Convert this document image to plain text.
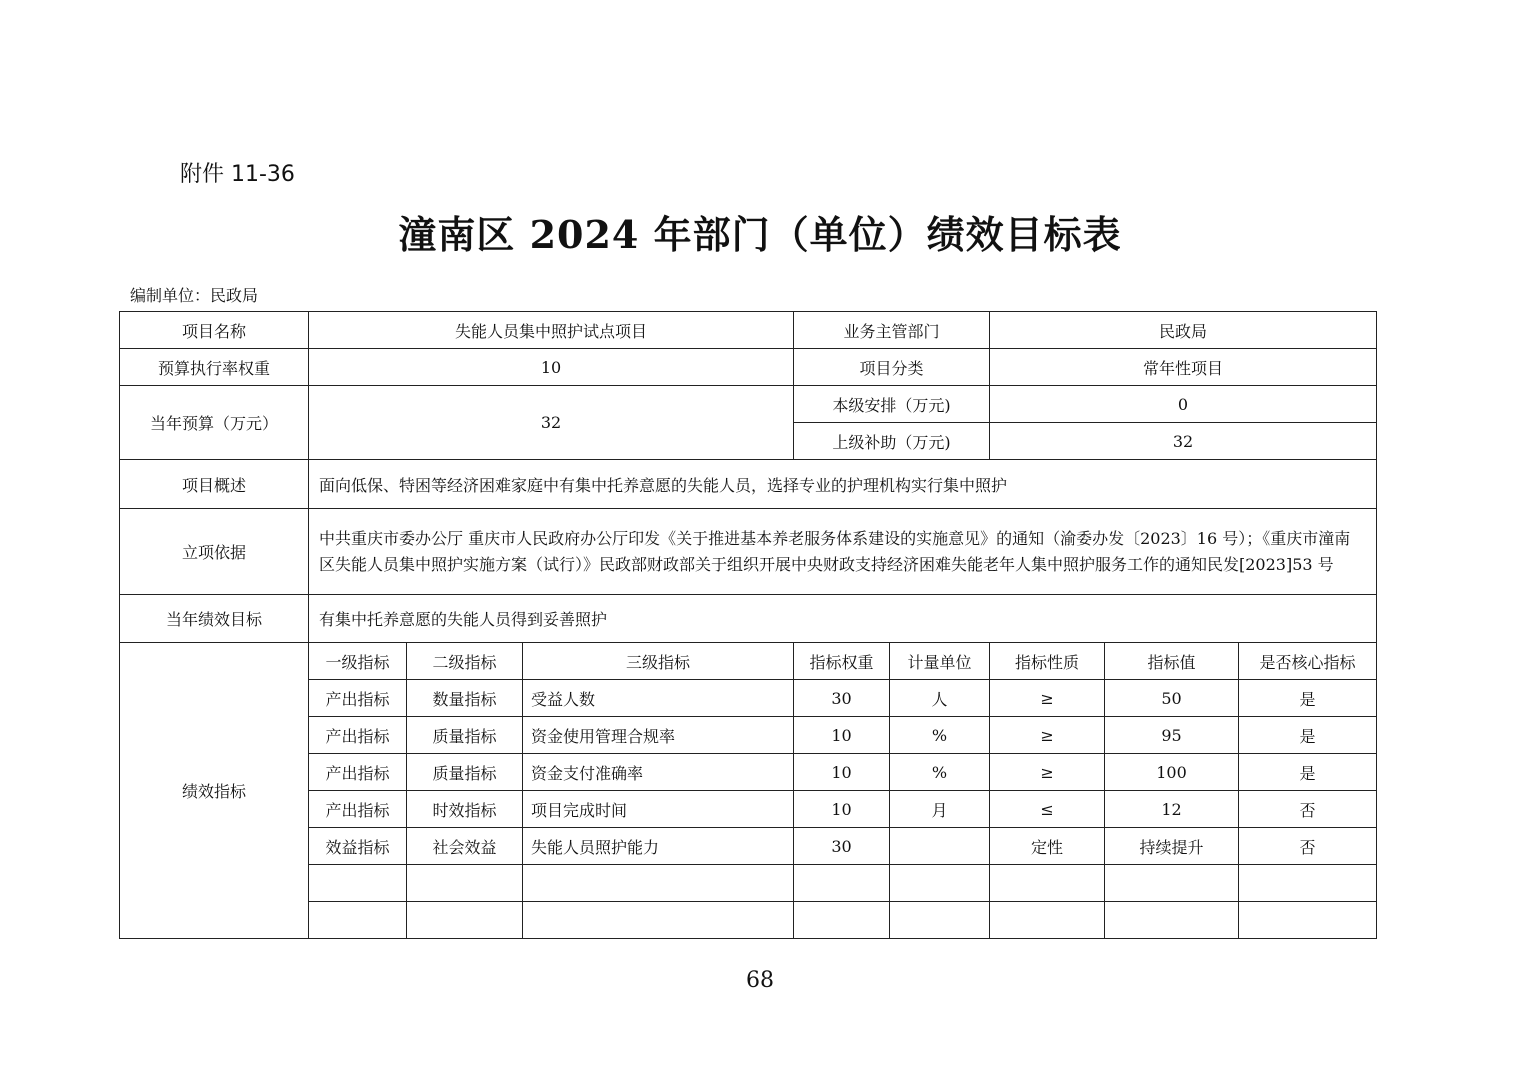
附件 11-36
潼南区 2024 年部门（单位）绩效目标表
编制单位：民政局
项目名称	失能人员集中照护试点项目			业务主管部门		民政局		
预算执行率权重	10			项目分类		常年性项目		
当年预算（万元）	32			本级安排（万元)		0		
				上级补助（万元)		32		
项目概述	面向低保、特困等经济困难家庭中有集中托养意愿的失能人员，选择专业的护理机构实行集中照护							
立项依据	中共重庆市委办公厅 重庆市人民政府办公厅印发《关于推进基本养老服务体系建设的实施意见》的通知（渝委办发〔2023〕16 号）；《重庆市潼南区失能人员集中照护实施方案（试行）》民政部财政部关于组织开展中央财政支持经济困难失能老年人集中照护服务工作的通知民发[2023]53 号							
当年绩效目标	有集中托养意愿的失能人员得到妥善照护							
绩效指标	一级指标	二级指标	三级指标	指标权重	计量单位	指标性质	指标值	是否核心指标
	产出指标	数量指标	受益人数	30	人	≥	50	是
	产出指标	质量指标	资金使用管理合规率	10	%	≥	95	是
	产出指标	质量指标	资金支付准确率	10	%	≥	100	是
	产出指标	时效指标	项目完成时间	10	月	≤	12	否
	效益指标	社会效益	失能人员照护能力	30		定性	持续提升	否

68
